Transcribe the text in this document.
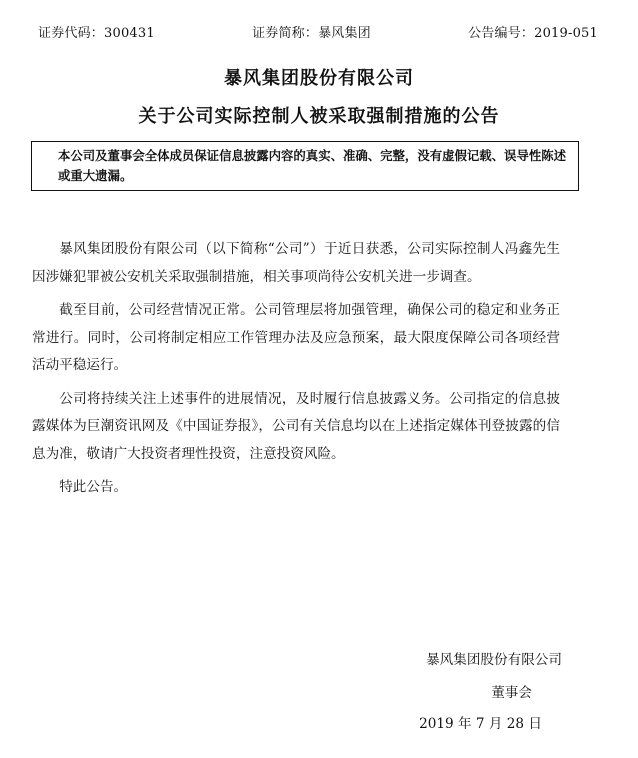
证券代码：300431	证券简称：暴风集团	公告编号：2019-051
暴风集团股份有限公司
关于公司实际控制人被采取强制措施的公告
本公司及董事会全体成员保证信息披露内容的真实、准确、完整，没有虚假记载、误导性陈述或重大遗漏。

暴风集团股份有限公司（以下简称“公司”）于近日获悉，公司实际控制人冯鑫先生因涉嫌犯罪被公安机关采取强制措施，相关事项尚待公安机关进一步调查。

截至目前，公司经营情况正常。公司管理层将加强管理，确保公司的稳定和业务正常进行。同时，公司将制定相应工作管理办法及应急预案，最大限度保障公司各项经营活动平稳运行。

公司将持续关注上述事件的进展情况，及时履行信息披露义务。公司指定的信息披露媒体为巨潮资讯网及《中国证券报》，公司有关信息均以在上述指定媒体刊登披露的信息为准，敬请广大投资者理性投资，注意投资风险。

特此公告。

暴风集团股份有限公司
董事会
2019 年 7 月 28 日
